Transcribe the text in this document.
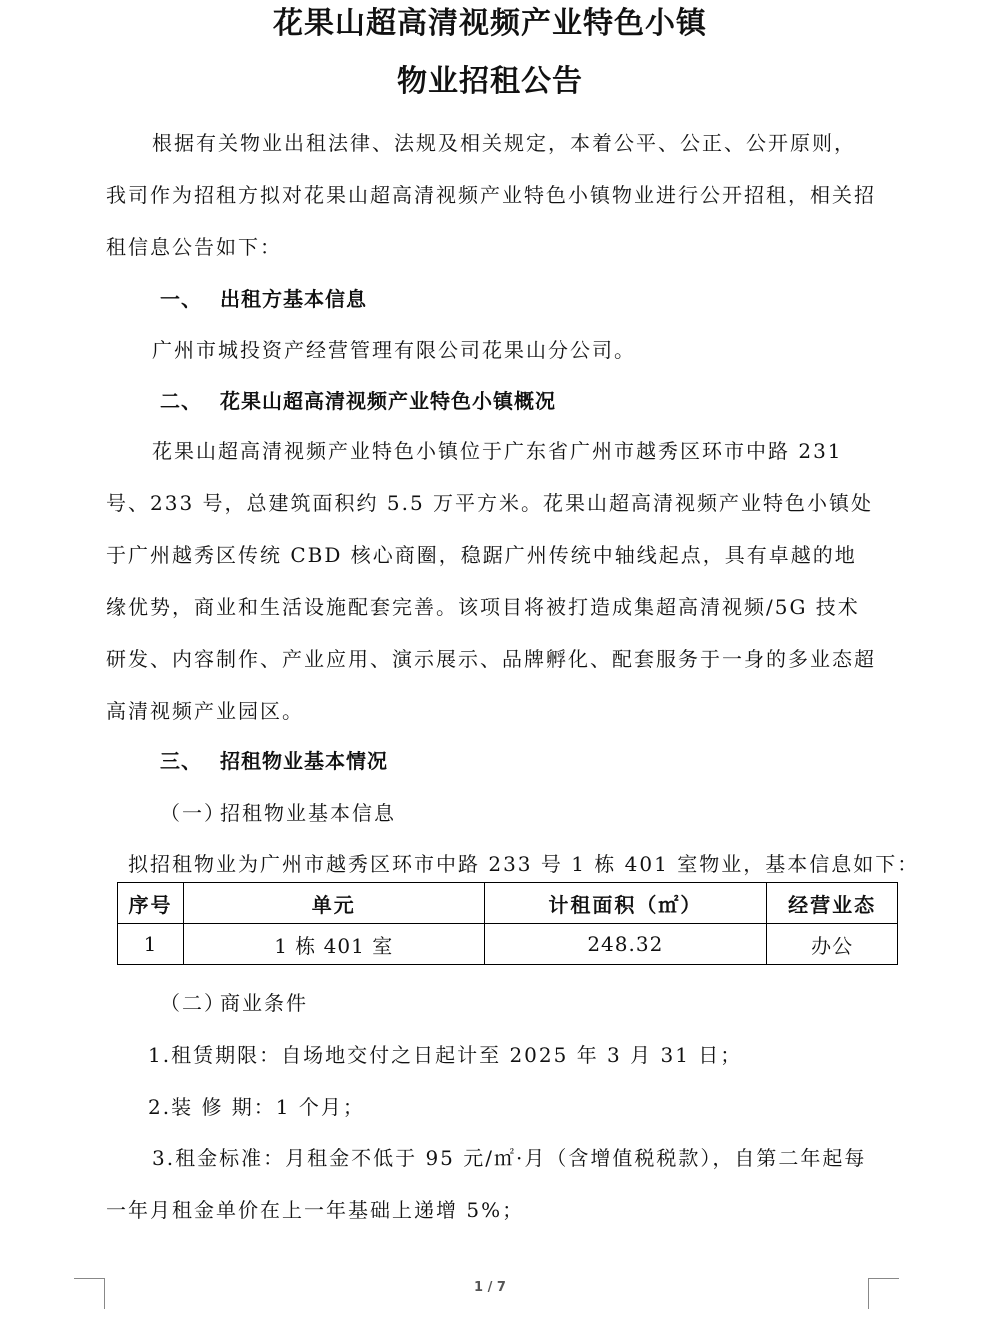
花果山超高清视频产业特色小镇
物业招租公告
根据有关物业出租法律、法规及相关规定，本着公平、公正、公开原则，我司作为招租方拟对花果山超高清视频产业特色小镇物业进行公开招租，相关招租信息公告如下：
一、 出租方基本信息
广州市城投资产经营管理有限公司花果山分公司。
二、 花果山超高清视频产业特色小镇概况
花果山超高清视频产业特色小镇位于广东省广州市越秀区环市中路 231 号、233 号，总建筑面积约 5.5 万平方米。花果山超高清视频产业特色小镇处于广州越秀区传统 CBD 核心商圈，稳踞广州传统中轴线起点，具有卓越的地缘优势，商业和生活设施配套完善。该项目将被打造成集超高清视频/5G 技术研发、内容制作、产业应用、演示展示、品牌孵化、配套服务于一身的多业态超高清视频产业园区。
三、 招租物业基本情况
（一）招租物业基本信息
拟招租物业为广州市越秀区环市中路 233 号 1 栋 401 室物业，基本信息如下：
序号	单元	计租面积（㎡）	经营业态
1	1 栋 401 室	248.32	办公
（二）商业条件
1.租赁期限：自场地交付之日起计至 2025 年 3 月 31 日；
2.装 修 期：1 个月；
3.租金标准：月租金不低于 95 元/㎡·月（含增值税税款），自第二年起每一年月租金单价在上一年基础上递增 5%；
1 / 7
